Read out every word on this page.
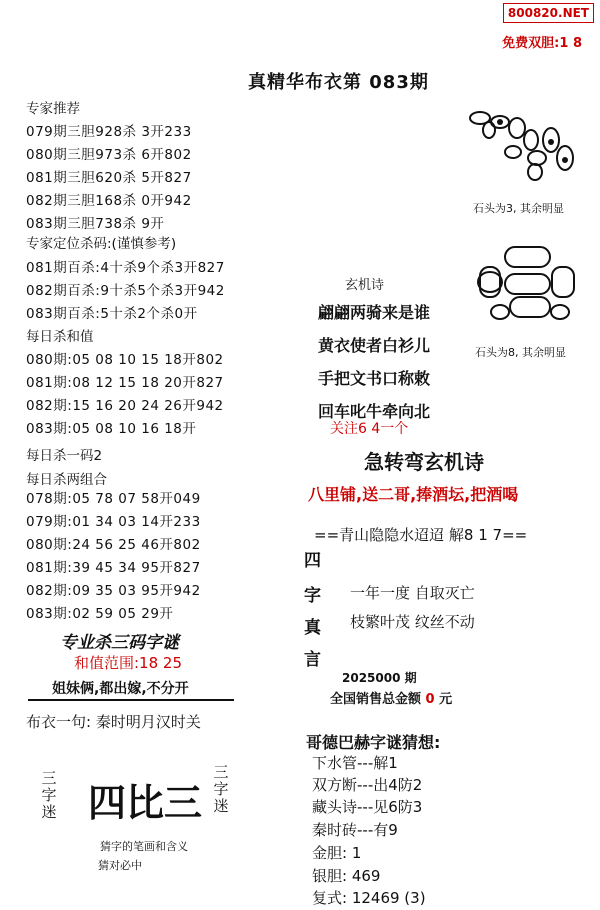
800820.NET
免费双胆:1 8
真精华布衣第 083期
专家推荐
079期三胆928杀 3开233
080期三胆973杀 6开802
081期三胆620杀 5开827
082期三胆168杀 0开942
083期三胆738杀 9开
专家定位杀码:(谨慎参考)
081期百杀:4十杀9个杀3开827
082期百杀:9十杀5个杀3开942
083期百杀:5十杀2个杀0开
每日杀和值
080期:05 08 10 15 18开802
081期:08 12 15 18 20开827
082期:15 16 20 24 26开942
083期:05 08 10 16 18开
每日杀一码2
每日杀两组合
078期:05 78 07 58开049
079期:01 34 03 14开233
080期:24 56 25 46开802
081期:39 45 34 95开827
082期:09 35 03 95开942
083期:02 59 05 29开
专业杀三码字谜
和值范围:18 25
姐妹俩,都出嫁,不分开
布衣一句: 秦时明月汉时关
三字迷 四比三
三字迷
猜字的笔画和含义
猜对必中
石头为3, 其余明显
石头为8, 其余明显
玄机诗
翩翩两骑来是谁
黄衣使者白衫儿
手把文书口称敕
回车叱牛牵向北
关注6 4一个
急转弯玄机诗
八里铺,送二哥,捧酒坛,把酒喝
==青山隐隐水迢迢 解8 1 7==
四
字
真
言
一年一度 自取灭亡
枝繁叶茂 纹丝不动
2025000 期
全国销售总金额 0 元
哥德巴赫字谜猜想:
下水管---解1
双方断---出4防2
藏头诗---见6防3
秦时砖---有9
金胆: 1
银胆: 469
复式: 12469 (3)
